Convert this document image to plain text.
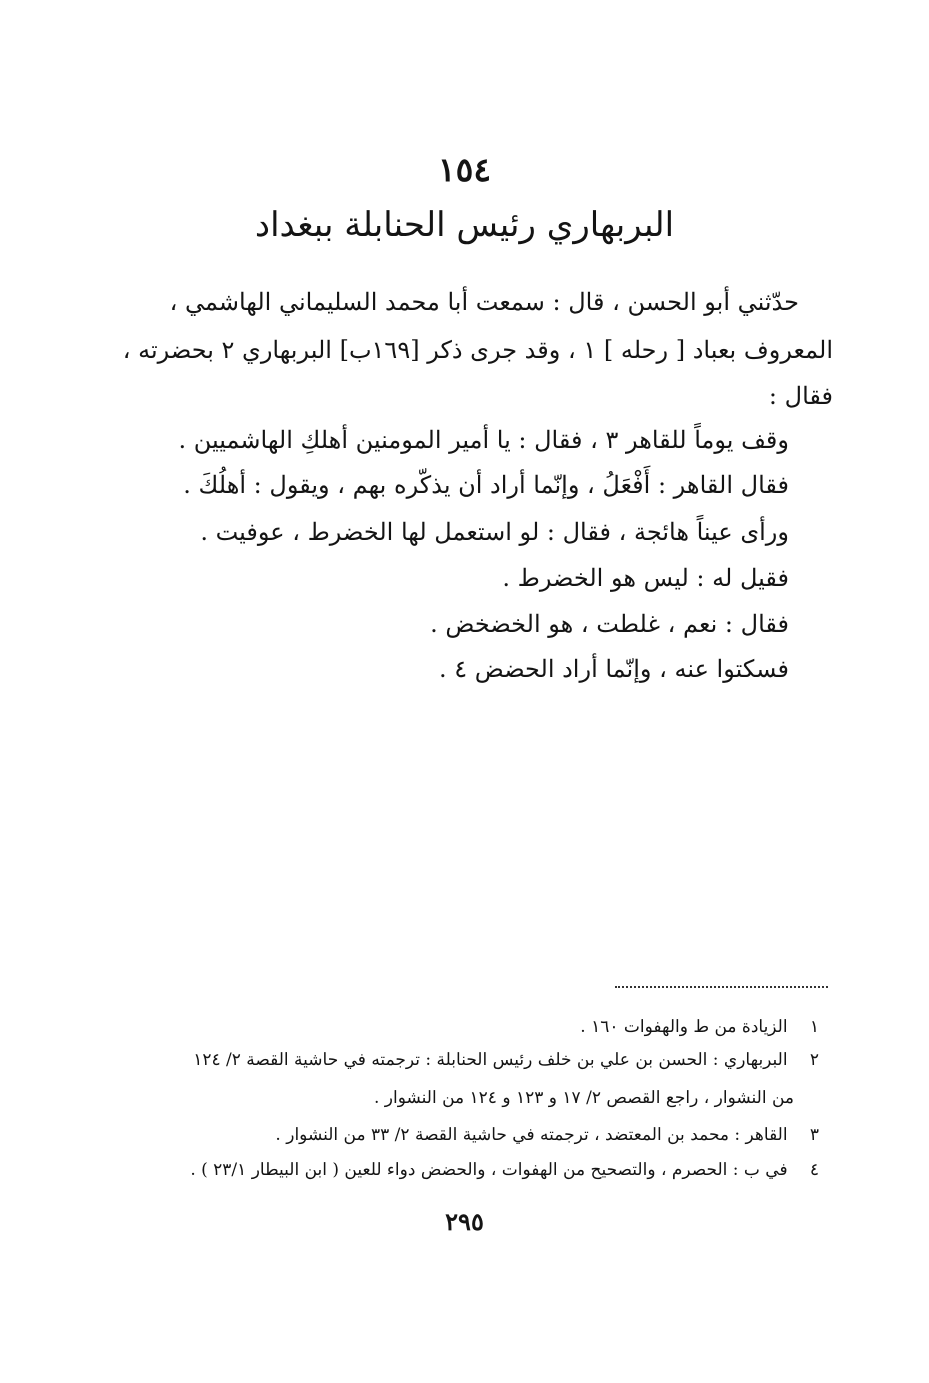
١٥٤
البربهاري رئيس الحنابلة ببغداد
حدّثني أبو الحسن ، قال : سمعت أبا محمد السليماني الهاشمي ،
المعروف بعباد [ رحله ] ١ ، وقد جرى ذكر [١٦٩ب] البربهاري ٢ بحضرته ،
فقال :
وقف يوماً للقاهر ٣ ، فقال : يا أمير المومنين أهلكِ الهاشميين .
فقال القاهر : أَفْعَلُ ، وإنّما أراد أن يذكّره بهم ، ويقول : أهلُكَ .
ورأى عيناً هائجة ، فقال : لو استعمل لها الخضرط ، عوفيت .
فقيل له : ليس هو الخضرط .
فقال : نعم ، غلطت ، هو الخضخض .
فسكتوا عنه ، وإنّما أراد الحضض ٤ .
١ الزيادة من ط والهفوات ١٦٠ .
٢ البربهاري : الحسن بن علي بن خلف رئيس الحنابلة : ترجمته في حاشية القصة ٢/ ١٢٤
من النشوار ، راجع القصص ٢/ ١٧ و ١٢٣ و ١٢٤ من النشوار .
٣ القاهر : محمد بن المعتضد ، ترجمته في حاشية القصة ٢/ ٣٣ من النشوار .
٤ في ب : الحصرم ، والتصحيح من الهفوات ، والحضض دواء للعين ( ابن البيطار ٢٣/١ ) .
٢٩٥
